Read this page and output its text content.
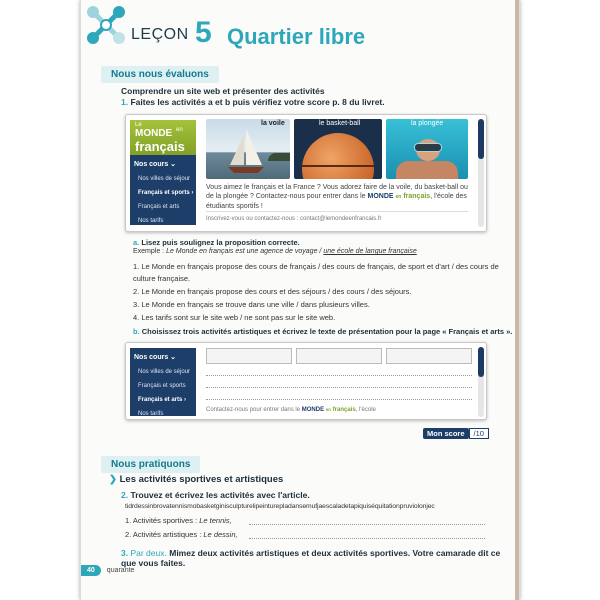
LEÇON 5 Quartier libre
Nous nous évaluons
Comprendre un site web et présenter des activités
1. Faites les activités a et b puis vérifiez votre score p. 8 du livret.
Le
MONDE en
français
Nos cours ⌄
Nos villes de séjour
Français et sports ›
Français et arts
Nos tarifs
la voile	le basket-ball	la plongée
Vous aimez le français et la France ? Vous adorez faire de la voile, du basket-ball ou de la plongée ? Contactez-nous pour entrer dans le MONDE en français, l'école des étudiants sportifs !
Inscrivez-vous ou contactez-nous : contact@lemondeenfrancais.fr
a. Lisez puis soulignez la proposition correcte.
Exemple : Le Monde en français est une agence de voyage / une école de langue française
1. Le Monde en français propose des cours de français / des cours de français, de sport et d'art / des cours de
culture française.
2. Le Monde en français propose des cours et des séjours / des cours / des séjours.
3. Le Monde en français se trouve dans une ville / dans plusieurs villes.
4. Les tarifs sont sur le site web / ne sont pas sur le site web.
b. Choisissez trois activités artistiques et écrivez le texte de présentation pour la page « Français et arts ».
Nos cours ⌄
Nos villes de séjour
Français et sports
Français et arts ›
Nos tarifs
Contactez-nous pour entrer dans le MONDE en français, l'école
Mon score	/10
Nous pratiquons
❯ Les activités sportives et artistiques
2. Trouvez et écrivez les activités avec l'article.
tidrdessinbrovatennismobasketginisculpturelipeinturepladansemufjaescaladetapiquiséquitationpruviolonjec
1. Activités sportives : Le tennis,
2. Activités artistiques : Le dessin,
3. Par deux. Mimez deux activités artistiques et deux activités sportives. Votre camarade dit ce que vous faites.
40	quarante
